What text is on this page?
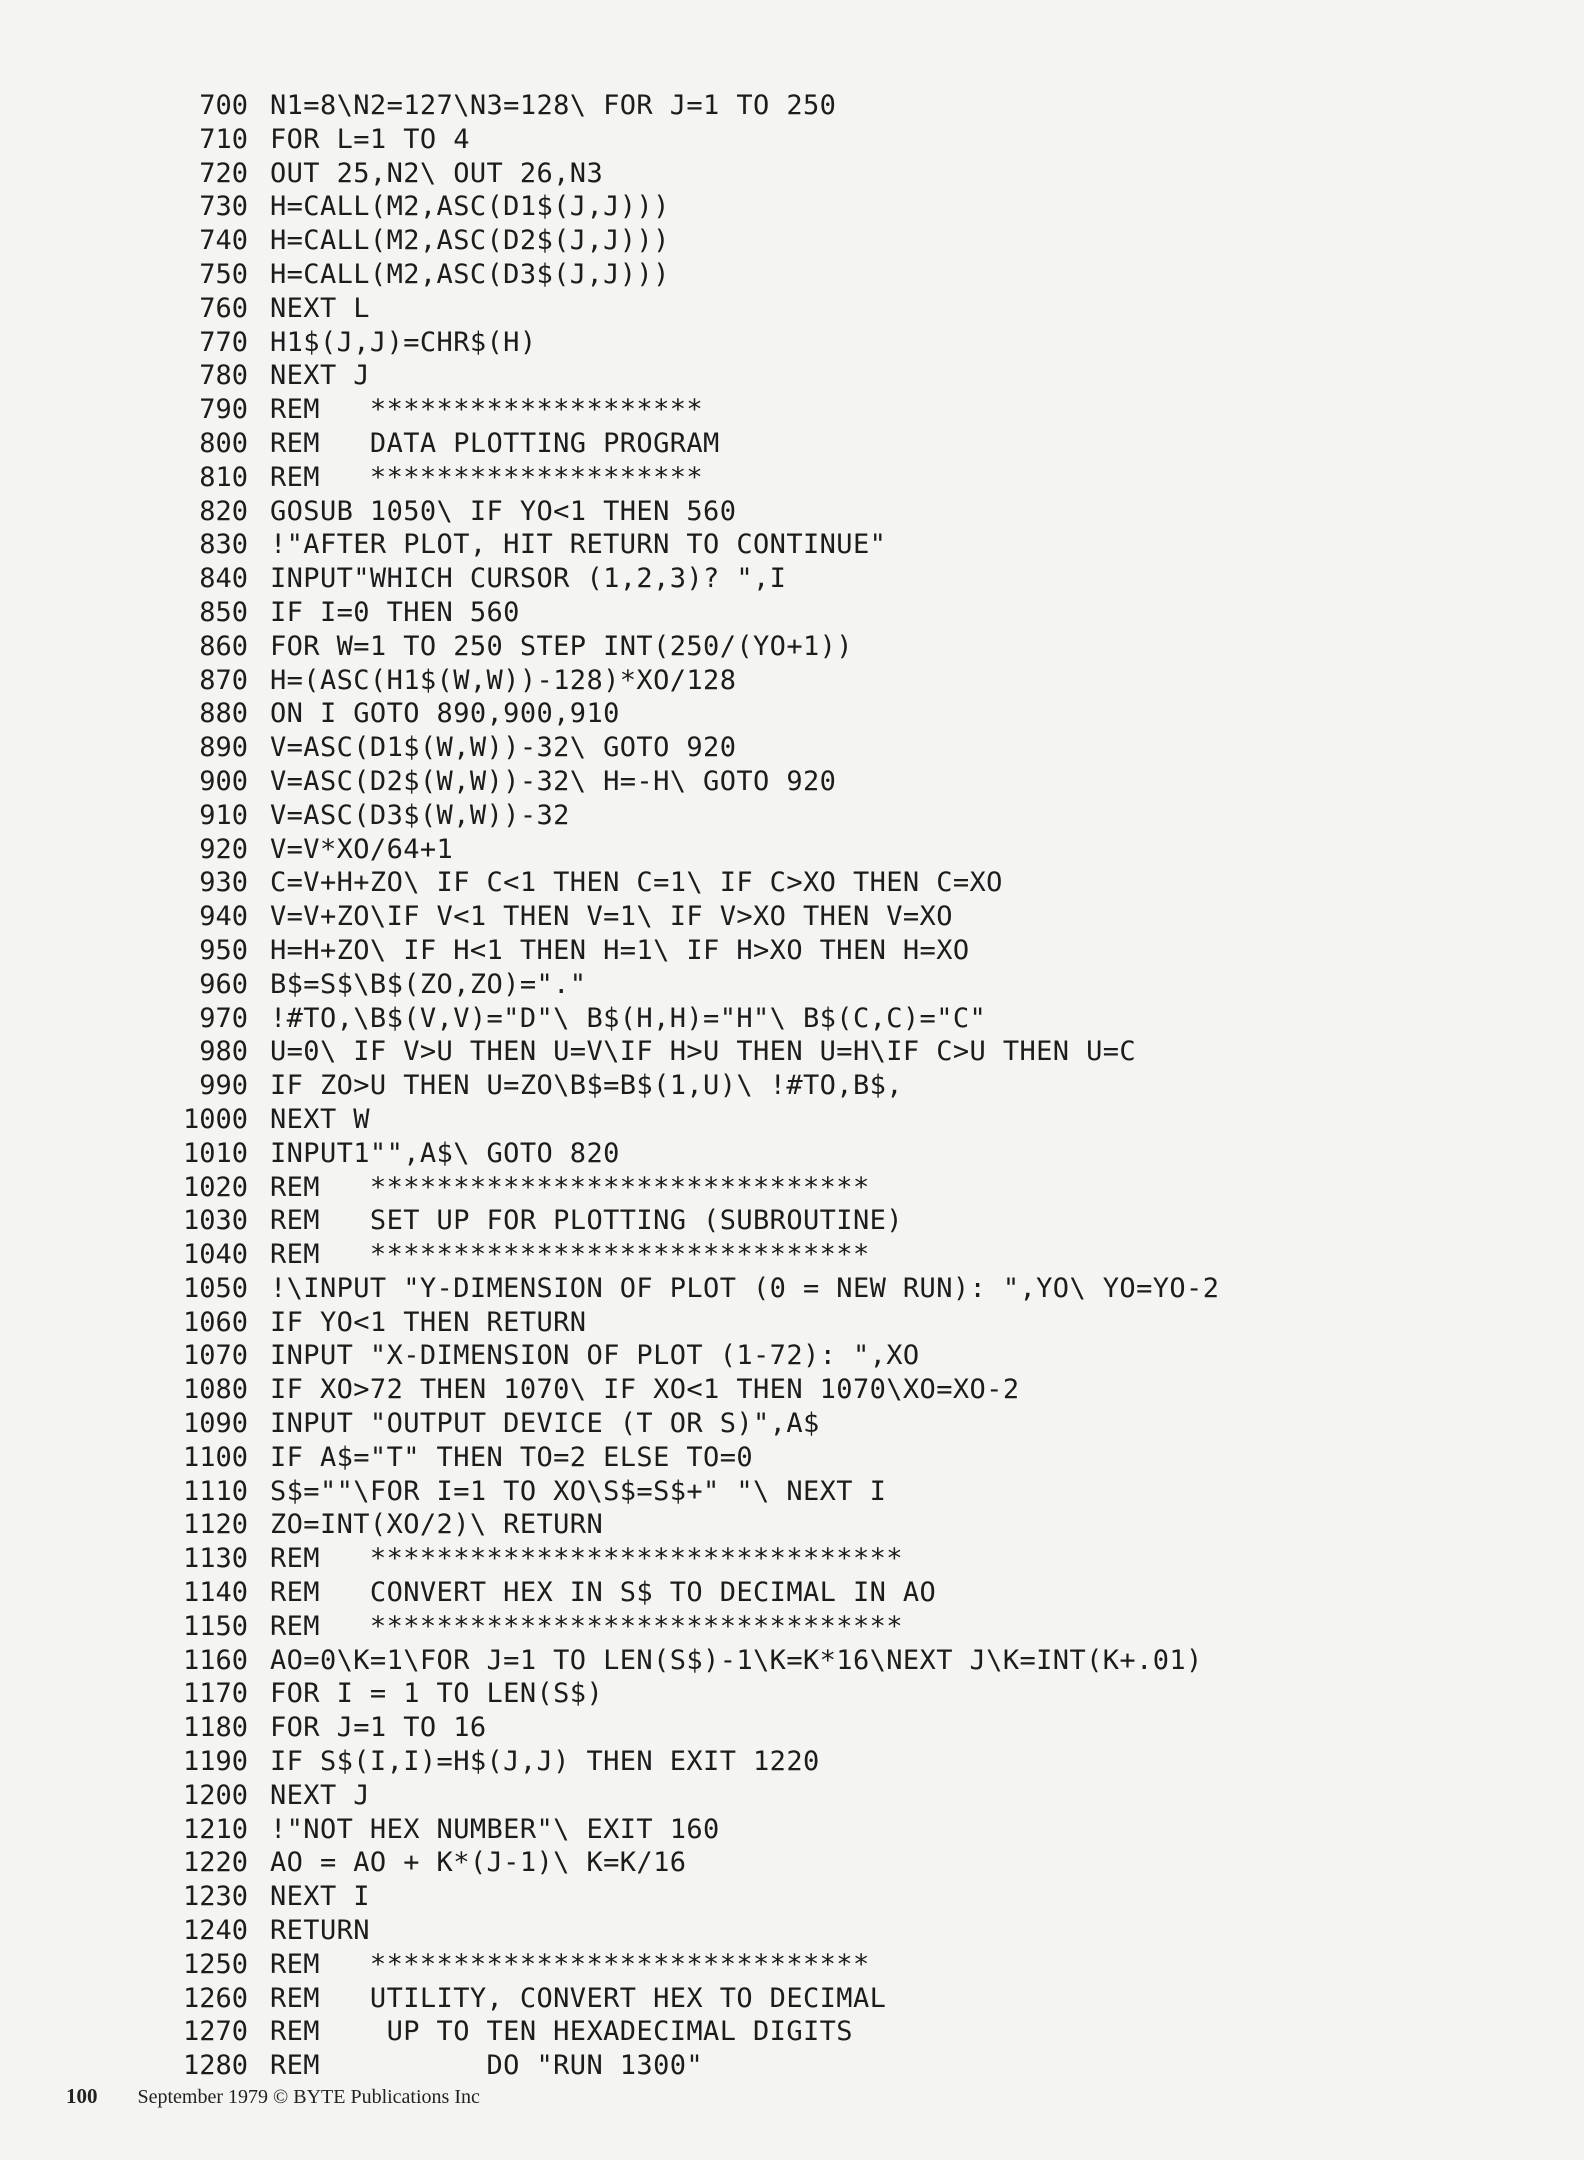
700 N1=8\N2=127\N3=128\ FOR J=1 TO 250
710 FOR L=1 TO 4
720 OUT 25,N2\ OUT 26,N3
730 H=CALL(M2,ASC(D1$(J,J)))
740 H=CALL(M2,ASC(D2$(J,J)))
750 H=CALL(M2,ASC(D3$(J,J)))
760 NEXT L
770 H1$(J,J)=CHR$(H)
780 NEXT J
790 REM   ********************
800 REM   DATA PLOTTING PROGRAM
810 REM   ********************
820 GOSUB 1050\ IF YO<1 THEN 560
830 !"AFTER PLOT, HIT RETURN TO CONTINUE"
840 INPUT"WHICH CURSOR (1,2,3)? ",I
850 IF I=0 THEN 560
860 FOR W=1 TO 250 STEP INT(250/(YO+1))
870 H=(ASC(H1$(W,W))-128)*XO/128
880 ON I GOTO 890,900,910
890 V=ASC(D1$(W,W))-32\ GOTO 920
900 V=ASC(D2$(W,W))-32\ H=-H\ GOTO 920
910 V=ASC(D3$(W,W))-32
920 V=V*XO/64+1
930 C=V+H+ZO\ IF C<1 THEN C=1\ IF C>XO THEN C=XO
940 V=V+ZO\IF V<1 THEN V=1\ IF V>XO THEN V=XO
950 H=H+ZO\ IF H<1 THEN H=1\ IF H>XO THEN H=XO
960 B$=S$\B$(ZO,ZO)="."
970 !#TO,\B$(V,V)="D"\ B$(H,H)="H"\ B$(C,C)="C"
980 U=0\ IF V>U THEN U=V\IF H>U THEN U=H\IF C>U THEN U=C
990 IF ZO>U THEN U=ZO\B$=B$(1,U)\ !#TO,B$,
1000 NEXT W
1010 INPUT1"",A$\ GOTO 820
1020 REM   ******************************
1030 REM   SET UP FOR PLOTTING (SUBROUTINE)
1040 REM   ******************************
1050 !\INPUT "Y-DIMENSION OF PLOT (0 = NEW RUN): ",YO\ YO=YO-2
1060 IF YO<1 THEN RETURN
1070 INPUT "X-DIMENSION OF PLOT (1-72): ",XO
1080 IF XO>72 THEN 1070\ IF XO<1 THEN 1070\XO=XO-2
1090 INPUT "OUTPUT DEVICE (T OR S)",A$
1100 IF A$="T" THEN TO=2 ELSE TO=0
1110 S$=""\FOR I=1 TO XO\S$=S$+" "\ NEXT I
1120 ZO=INT(XO/2)\ RETURN
1130 REM   ********************************
1140 REM   CONVERT HEX IN S$ TO DECIMAL IN AO
1150 REM   ********************************
1160 AO=0\K=1\FOR J=1 TO LEN(S$)-1\K=K*16\NEXT J\K=INT(K+.01)
1170 FOR I = 1 TO LEN(S$)
1180 FOR J=1 TO 16
1190 IF S$(I,I)=H$(J,J) THEN EXIT 1220
1200 NEXT J
1210 !"NOT HEX NUMBER"\ EXIT 160
1220 AO = AO + K*(J-1)\ K=K/16
1230 NEXT I
1240 RETURN
1250 REM   ******************************
1260 REM   UTILITY, CONVERT HEX TO DECIMAL
1270 REM    UP TO TEN HEXADECIMAL DIGITS
1280 REM          DO "RUN 1300"
100 September 1979 © BYTE Publications Inc
